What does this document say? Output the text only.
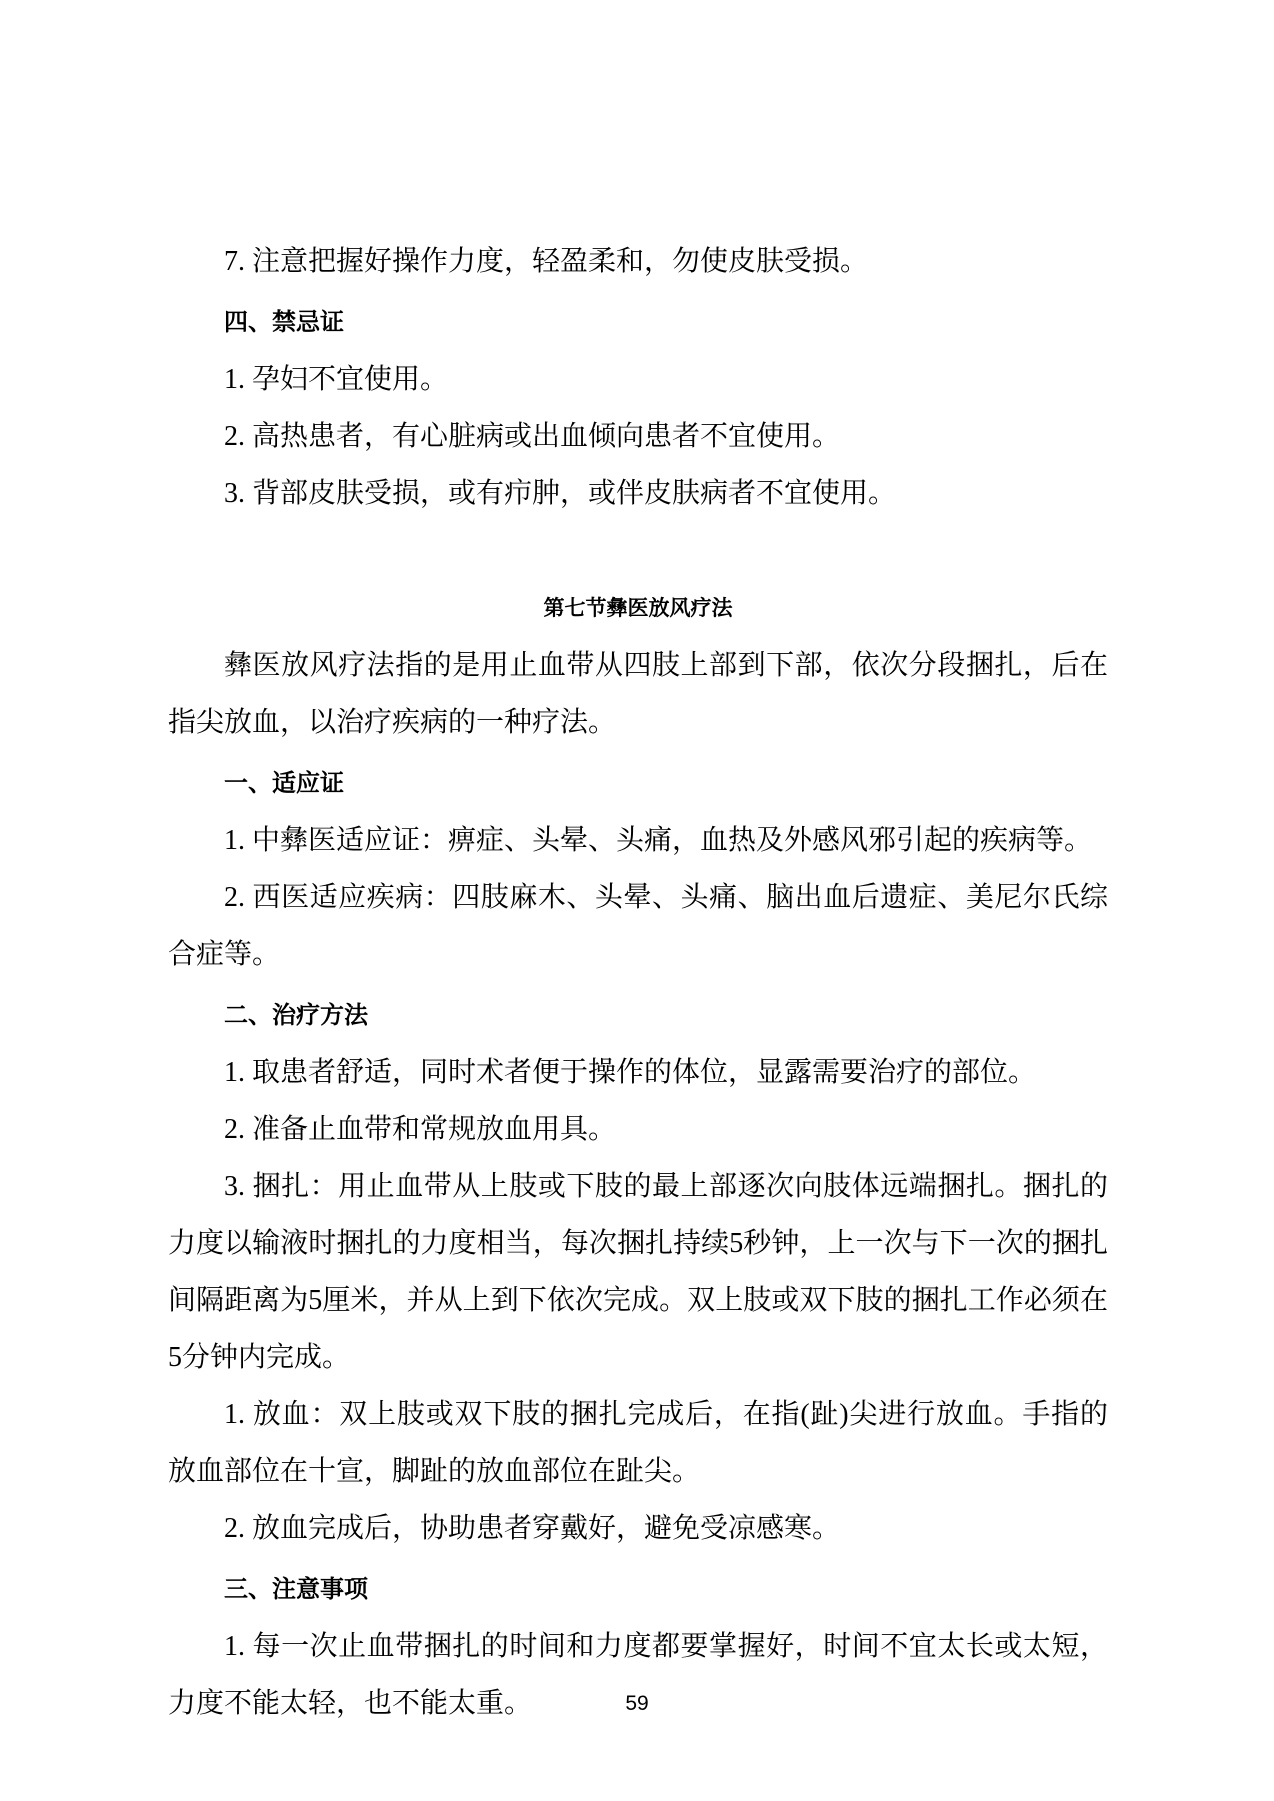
7. 注意把握好操作力度，轻盈柔和，勿使皮肤受损。

四、禁忌证

1. 孕妇不宜使用。

2. 高热患者，有心脏病或出血倾向患者不宜使用。

3. 背部皮肤受损，或有疖肿，或伴皮肤病者不宜使用。

第七节彝医放风疗法

彝医放风疗法指的是用止血带从四肢上部到下部，依次分段捆扎，后在指尖放血，以治疗疾病的一种疗法。

一、适应证

1. 中彝医适应证：痹症、头晕、头痛，血热及外感风邪引起的疾病等。

2. 西医适应疾病：四肢麻木、头晕、头痛、脑出血后遗症、美尼尔氏综合症等。

二、治疗方法

1. 取患者舒适，同时术者便于操作的体位，显露需要治疗的部位。

2. 准备止血带和常规放血用具。

3. 捆扎：用止血带从上肢或下肢的最上部逐次向肢体远端捆扎。捆扎的力度以输液时捆扎的力度相当，每次捆扎持续5秒钟，上一次与下一次的捆扎间隔距离为5厘米，并从上到下依次完成。双上肢或双下肢的捆扎工作必须在5分钟内完成。

1. 放血：双上肢或双下肢的捆扎完成后，在指(趾)尖进行放血。手指的放血部位在十宣，脚趾的放血部位在趾尖。

2. 放血完成后，协助患者穿戴好，避免受凉感寒。

三、注意事项

1. 每一次止血带捆扎的时间和力度都要掌握好，时间不宜太长或太短，力度不能太轻，也不能太重。	59
